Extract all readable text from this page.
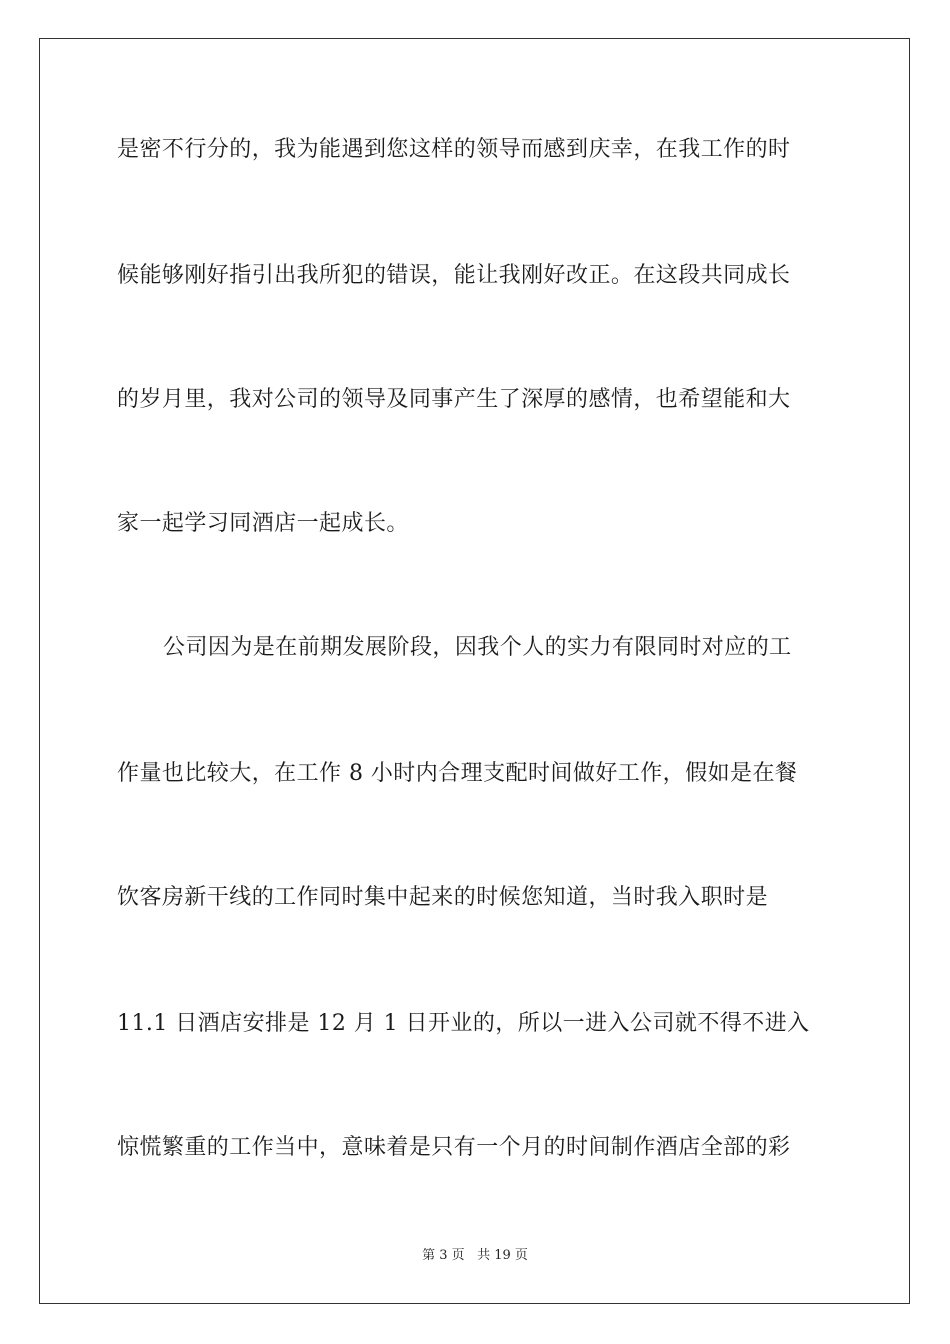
是密不行分的，我为能遇到您这样的领导而感到庆幸，在我工作的时
候能够刚好指引出我所犯的错误，能让我刚好改正。在这段共同成长
的岁月里，我对公司的领导及同事产生了深厚的感情，也希望能和大
家一起学习同酒店一起成长。
公司因为是在前期发展阶段，因我个人的实力有限同时对应的工
作量也比较大，在工作 8 小时内合理支配时间做好工作，假如是在餐
饮客房新干线的工作同时集中起来的时候您知道，当时我入职时是
11.1 日酒店安排是 12 月 1 日开业的，所以一进入公司就不得不进入
惊慌繁重的工作当中，意味着是只有一个月的时间制作酒店全部的彩
第 3 页 共 19 页
